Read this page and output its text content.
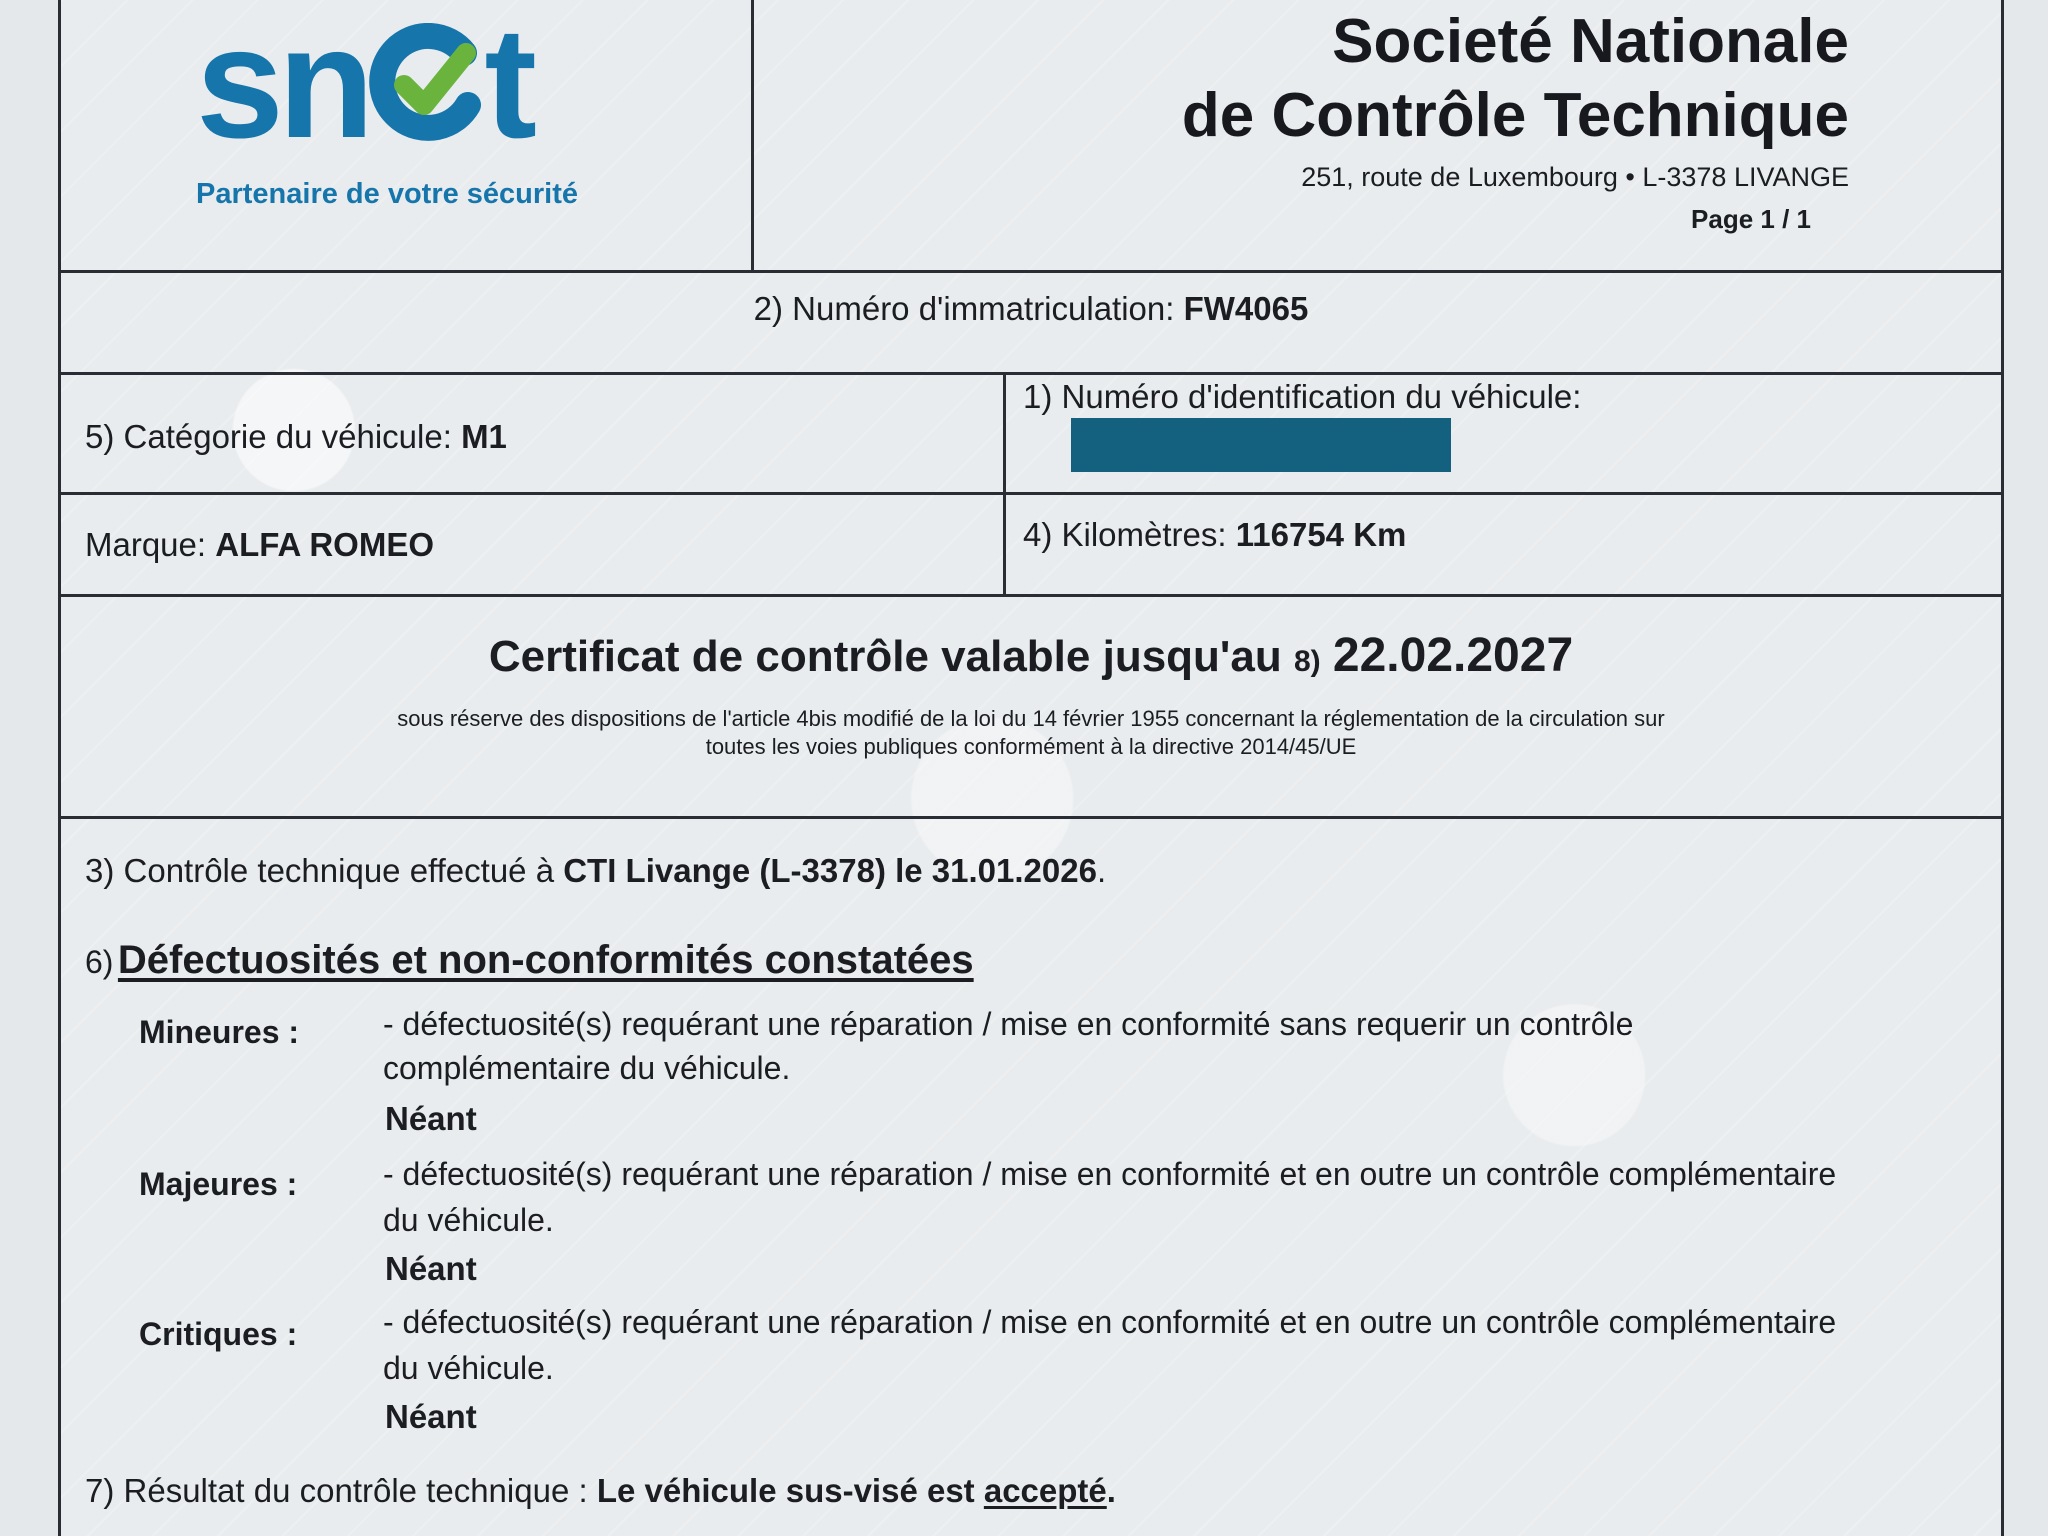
sn t
Partenaire de votre sécurité
Societé Nationale
de Contrôle Technique
251, route de Luxembourg • L-3378 LIVANGE
Page 1 / 1
2) Numéro d'immatriculation: FW4065
5) Catégorie du véhicule: M1
1) Numéro d'identification du véhicule:
Marque: ALFA ROMEO	4) Kilomètres: 116754 Km
Certificat de contrôle valable jusqu'au 8) 22.02.2027
sous réserve des dispositions de l'article 4bis modifié de la loi du 14 février 1955 concernant la réglementation de la circulation sur
toutes les voies publiques conformément à la directive 2014/45/UE
3) Contrôle technique effectué à CTI Livange (L-3378) le 31.01.2026.
6) Défectuosités et non-conformités constatées
Mineures :	- défectuosité(s) requérant une réparation / mise en conformité sans requerir un contrôle
complémentaire du véhicule.
Néant
Majeures :	- défectuosité(s) requérant une réparation / mise en conformité et en outre un contrôle complémentaire
du véhicule.
Néant
Critiques :	- défectuosité(s) requérant une réparation / mise en conformité et en outre un contrôle complémentaire
du véhicule.
Néant
7) Résultat du contrôle technique : Le véhicule sus-visé est accepté.
